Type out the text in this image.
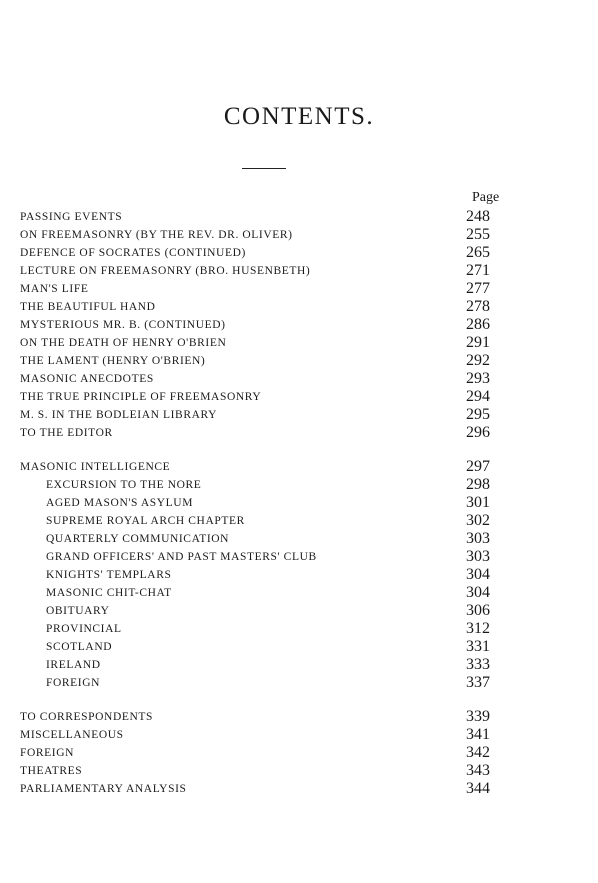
CONTENTS.
Page
PASSING EVENTS	248
ON FREEMASONRY (BY THE REV. DR. OLIVER)	255
DEFENCE OF SOCRATES (CONTINUED)	265
LECTURE ON FREEMASONRY (BRO. HUSENBETH)	271
MAN'S LIFE	277
THE BEAUTIFUL HAND	278
MYSTERIOUS MR. B. (CONTINUED)	286
ON THE DEATH OF HENRY O'BRIEN	291
THE LAMENT (HENRY O'BRIEN)	292
MASONIC ANECDOTES	293
THE TRUE PRINCIPLE OF FREEMASONRY	294
M. S. IN THE BODLEIAN LIBRARY	295
TO THE EDITOR	296
MASONIC INTELLIGENCE	297
EXCURSION TO THE NORE	298
AGED MASON'S ASYLUM	301
SUPREME ROYAL ARCH CHAPTER	302
QUARTERLY COMMUNICATION	303
GRAND OFFICERS' AND PAST MASTERS' CLUB	303
KNIGHTS' TEMPLARS	304
MASONIC CHIT-CHAT	304
OBITUARY	306
PROVINCIAL	312
SCOTLAND	331
IRELAND	333
FOREIGN	337
TO CORRESPONDENTS	339
MISCELLANEOUS	341
FOREIGN	342
THEATRES	343
PARLIAMENTARY ANALYSIS	344
